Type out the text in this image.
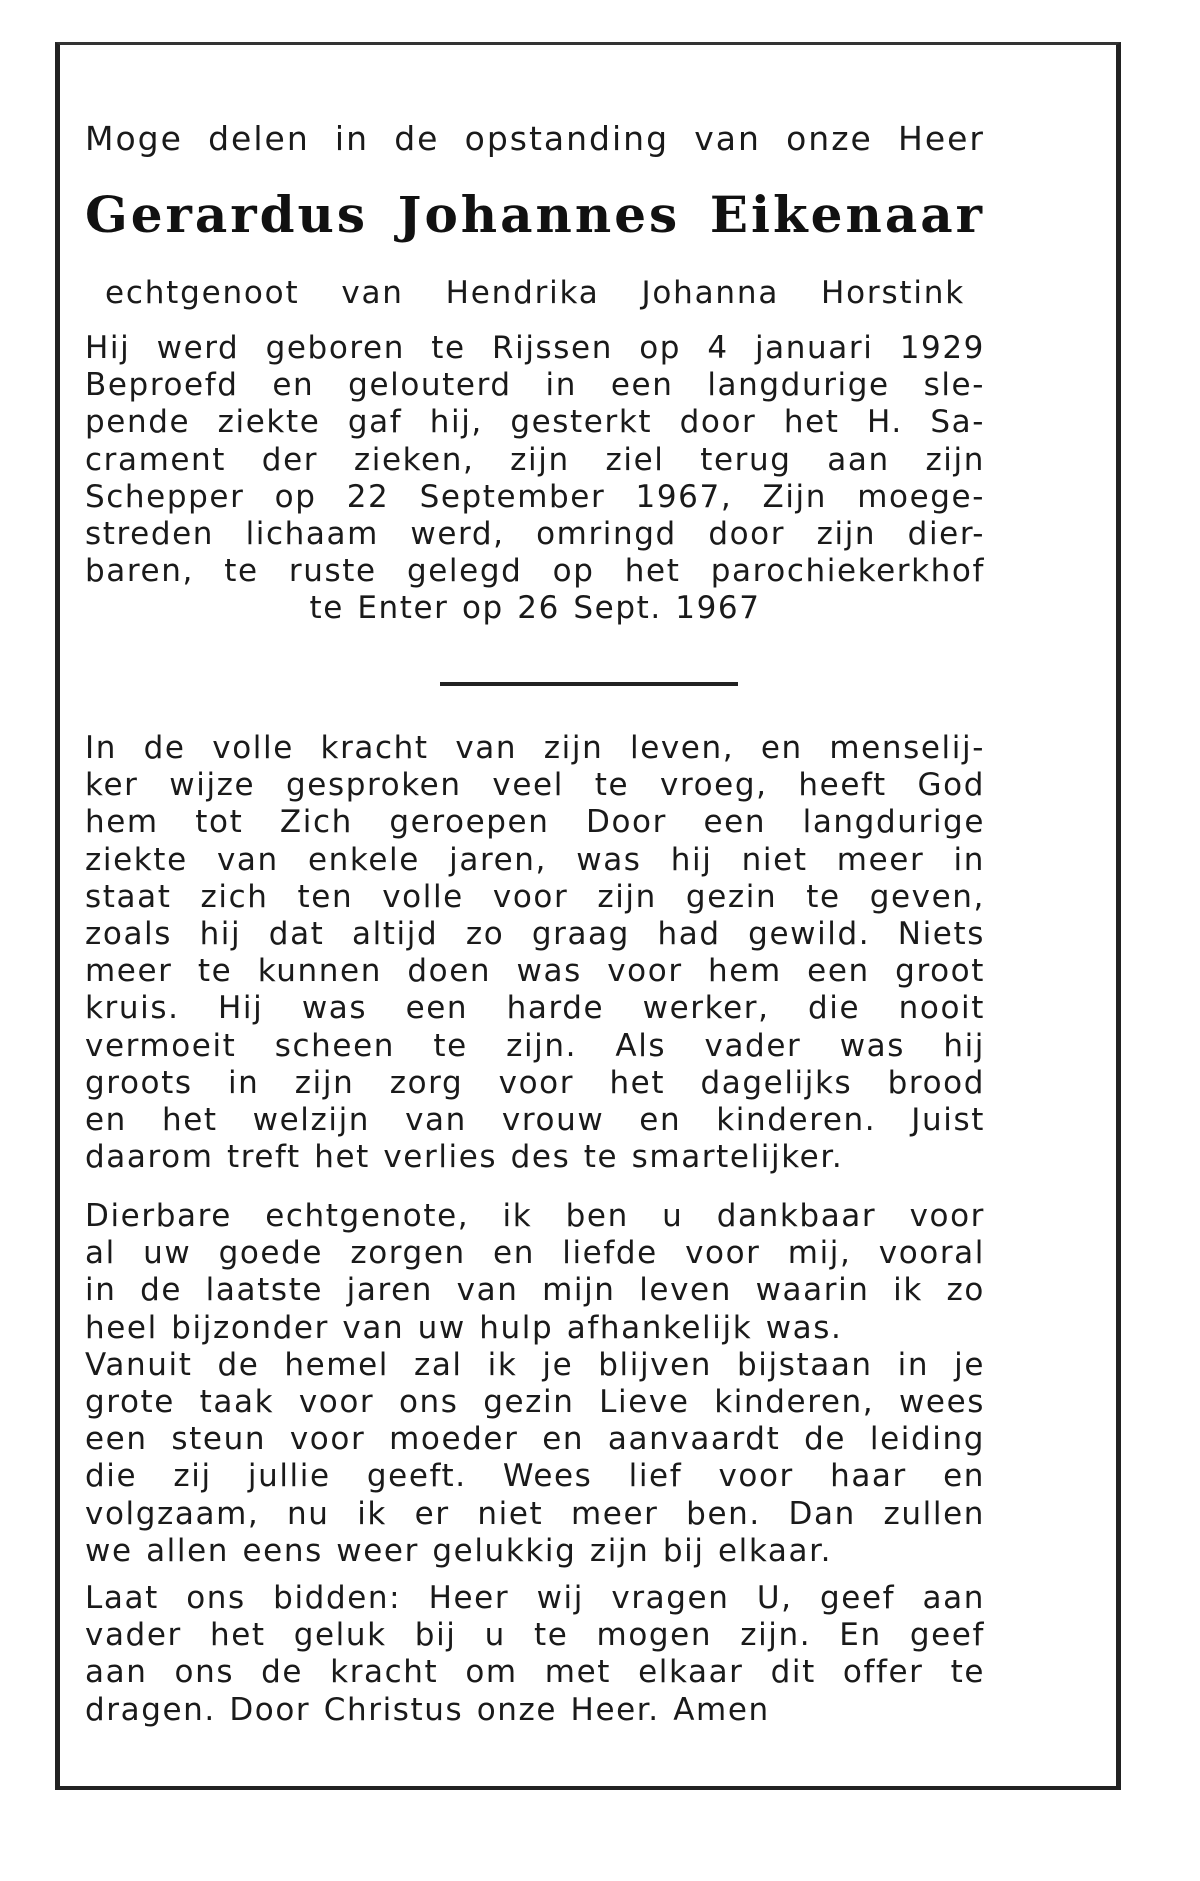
Moge delen in de opstanding van onze Heer
Gerardus Johannes Eikenaar
echtgenoot van Hendrika Johanna Horstink
Hij werd geboren te Rijssen op 4 januari 1929
Beproefd en gelouterd in een langdurige sle-
pende ziekte gaf hij, gesterkt door het H. Sa-
crament der zieken, zijn ziel terug aan zijn
Schepper op 22 September 1967, Zijn moege-
streden lichaam werd, omringd door zijn dier-
baren, te ruste gelegd op het parochiekerkhof
te Enter op 26 Sept. 1967
In de volle kracht van zijn leven, en menselij-
ker wijze gesproken veel te vroeg, heeft God
hem tot Zich geroepen Door een langdurige
ziekte van enkele jaren, was hij niet meer in
staat zich ten volle voor zijn gezin te geven,
zoals hij dat altijd zo graag had gewild. Niets
meer te kunnen doen was voor hem een groot
kruis. Hij was een harde werker, die nooit
vermoeit scheen te zijn. Als vader was hij
groots in zijn zorg voor het dagelijks brood
en het welzijn van vrouw en kinderen. Juist
daarom treft het verlies des te smartelijker.
Dierbare echtgenote, ik ben u dankbaar voor
al uw goede zorgen en liefde voor mij, vooral
in de laatste jaren van mijn leven waarin ik zo
heel bijzonder van uw hulp afhankelijk was.
Vanuit de hemel zal ik je blijven bijstaan in je
grote taak voor ons gezin Lieve kinderen, wees
een steun voor moeder en aanvaardt de leiding
die zij jullie geeft. Wees lief voor haar en
volgzaam, nu ik er niet meer ben. Dan zullen
we allen eens weer gelukkig zijn bij elkaar.
Laat ons bidden: Heer wij vragen U, geef aan
vader het geluk bij u te mogen zijn. En geef
aan ons de kracht om met elkaar dit offer te
dragen. Door Christus onze Heer. Amen
